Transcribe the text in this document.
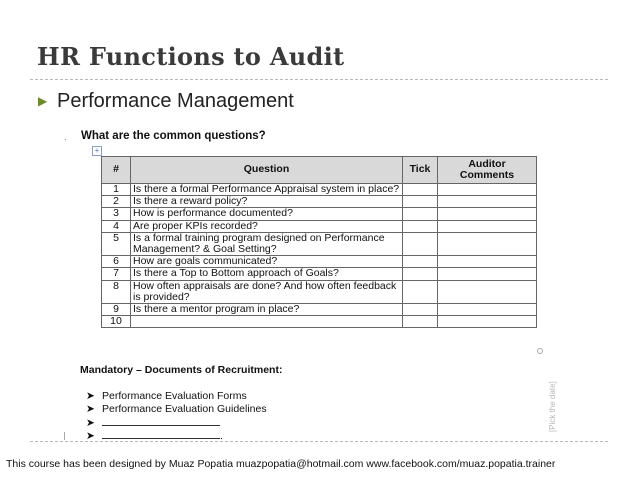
HR Functions to Audit
▶ Performance Management
. What are the common questions?
+
#	Question	Tick	Auditor Comments
1	Is there a formal Performance Appraisal system in place?		
2	Is there a reward policy?		
3	How is performance documented?		
4	Are proper KPIs recorded?		
5	Is a formal training program designed on Performance Management? & Goal Setting?		
6	How are goals communicated?		
7	Is there a Top to Bottom approach of Goals?		
8	How often appraisals are done? And how often feedback is provided?		
9	Is there a mentor program in place?		
10			
Mandatory – Documents of Recruitment:
➤ Performance Evaluation Forms
➤ Performance Evaluation Guidelines
➤
➤	.
[Pick the date]
This course has been designed by Muaz Popatia muazpopatia@hotmail.com www.facebook.com/muaz.popatia.trainer
